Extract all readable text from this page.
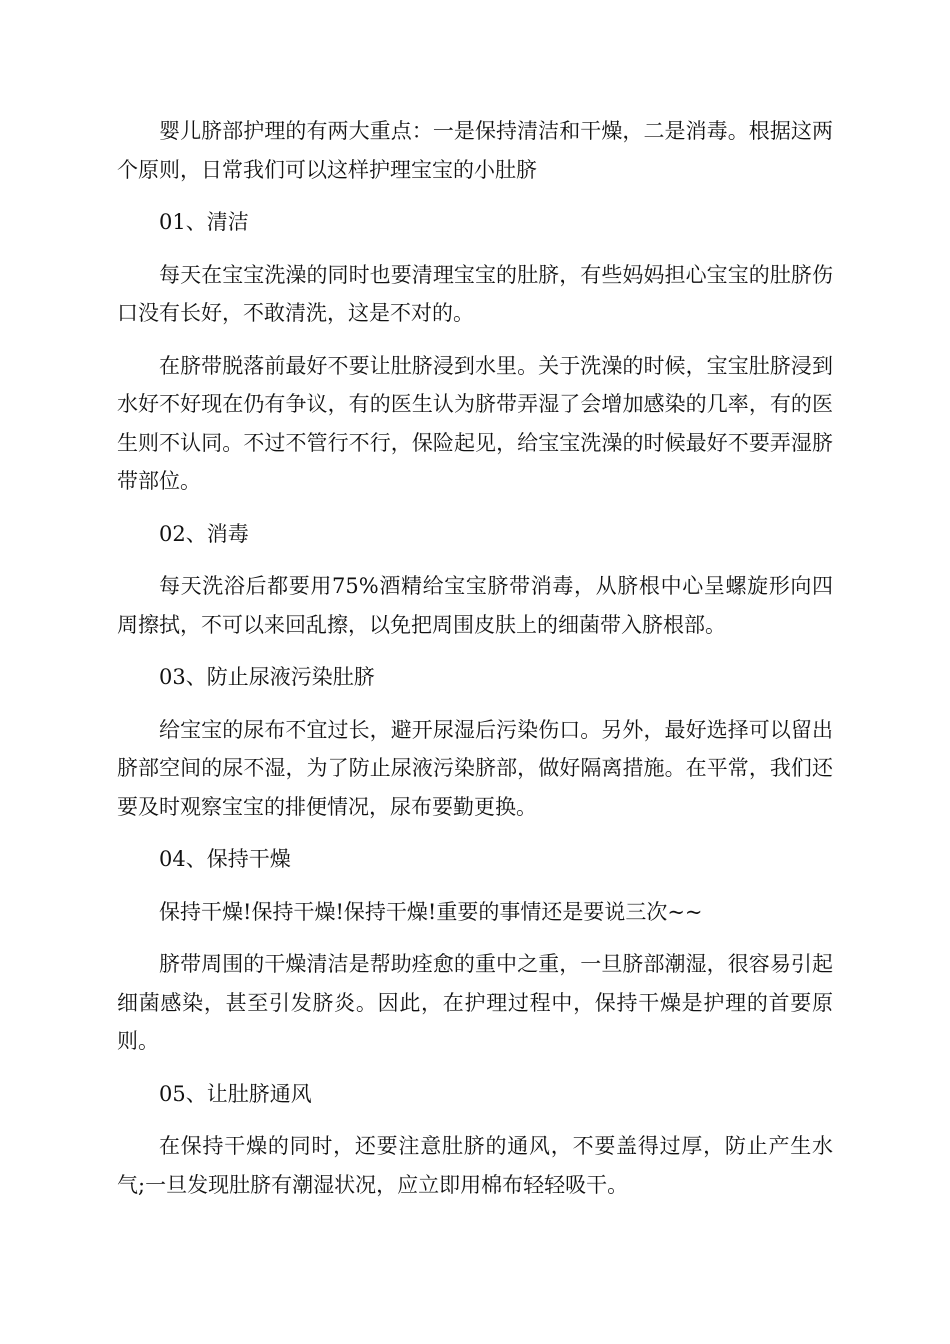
婴儿脐部护理的有两大重点：一是保持清洁和干燥，二是消毒。根据这两个原则，日常我们可以这样护理宝宝的小肚脐

01、清洁

每天在宝宝洗澡的同时也要清理宝宝的肚脐，有些妈妈担心宝宝的肚脐伤口没有长好，不敢清洗，这是不对的。

在脐带脱落前最好不要让肚脐浸到水里。关于洗澡的时候，宝宝肚脐浸到水好不好现在仍有争议，有的医生认为脐带弄湿了会增加感染的几率，有的医生则不认同。不过不管行不行，保险起见，给宝宝洗澡的时候最好不要弄湿脐带部位。

02、消毒

每天洗浴后都要用75%酒精给宝宝脐带消毒，从脐根中心呈螺旋形向四周擦拭，不可以来回乱擦，以免把周围皮肤上的细菌带入脐根部。

03、防止尿液污染肚脐

给宝宝的尿布不宜过长，避开尿湿后污染伤口。另外，最好选择可以留出脐部空间的尿不湿，为了防止尿液污染脐部，做好隔离措施。在平常，我们还要及时观察宝宝的排便情况，尿布要勤更换。

04、保持干燥

保持干燥!保持干燥!保持干燥!重要的事情还是要说三次~~

脐带周围的干燥清洁是帮助痊愈的重中之重，一旦脐部潮湿，很容易引起细菌感染，甚至引发脐炎。因此，在护理过程中，保持干燥是护理的首要原则。

05、让肚脐通风

在保持干燥的同时，还要注意肚脐的通风，不要盖得过厚，防止产生水气;一旦发现肚脐有潮湿状况，应立即用棉布轻轻吸干。
